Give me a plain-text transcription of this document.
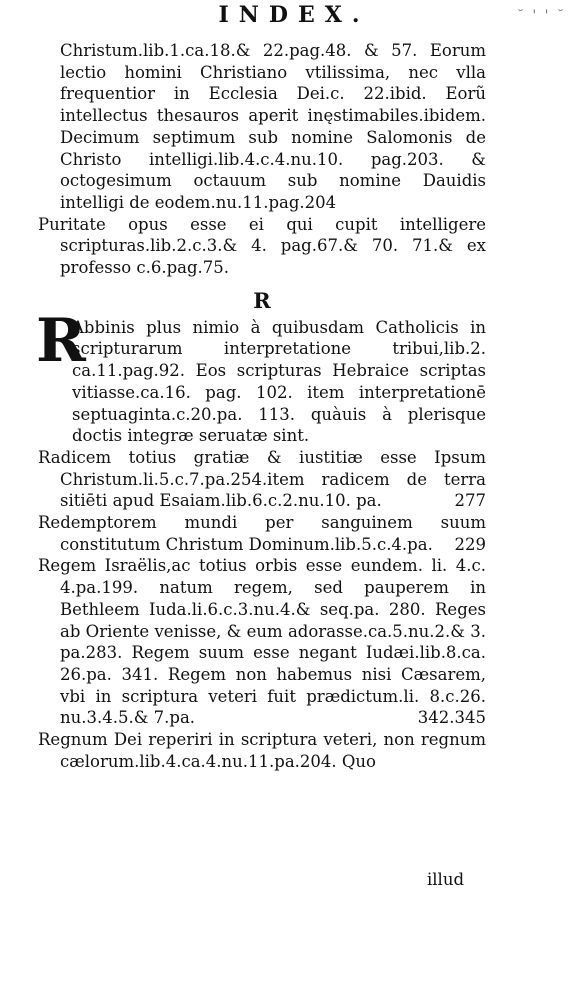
INDEX.	˘ ' ' ˘

Christum.lib.1.ca.18.& 22.pag.48. & 57. Eorum lectio homini Christiano vtilissima, nec vlla frequentior in Ecclesia Dei.c. 22.ibid. Eorũ intellectus thesauros aperit inęstimabiles.ibidem. Decimum septimum sub nomine Salomonis de Christo intelligi.lib.4.c.4.nu.10. pag.203. & octogesimum octauum sub nomine Dauidis intelligi de eodem.nu.11.pag.204

Puritate opus esse ei qui cupit intelligere scripturas.lib.2.c.3.& 4. pag.67.& 70. 71.& ex professo c.6.pag.75.

R

R
Abbinis plus nimio à quibusdam Catholicis in scripturarum interpretatione tribui,lib.2. ca.11.pag.92. Eos scripturas Hebraice scriptas vitiasse.ca.16. pag. 102. item interpretationē septuaginta.c.20.pa. 113. quàuis à plerisque doctis integræ seruatæ sint.

Radicem totius gratiæ & iustitiæ esse Ipsum Christum.li.5.c.7.pa.254.item radicem de terra sitiēti apud Esaiam.lib.6.c.2.nu.10. pa.	277

Redemptorem mundi per sanguinem suum constitutum Christum Dominum.lib.5.c.4.pa. 229

Regem Israëlis,ac totius orbis esse eundem. li. 4.c. 4.pa.199. natum regem, sed pauperem in Bethleem Iuda.li.6.c.3.nu.4.& seq.pa. 280. Reges ab Oriente venisse, & eum adorasse.ca.5.nu.2.& 3. pa.283. Regem suum esse negant Iudæi.lib.8.ca. 26.pa. 341. Regem non habemus nisi Cæsarem, vbi in scriptura veteri fuit prædictum.li. 8.c.26. nu.3.4.5.& 7.pa.	342.345

Regnum Dei reperiri in scriptura veteri, non regnum cælorum.lib.4.ca.4.nu.11.pa.204. Quo

illud
